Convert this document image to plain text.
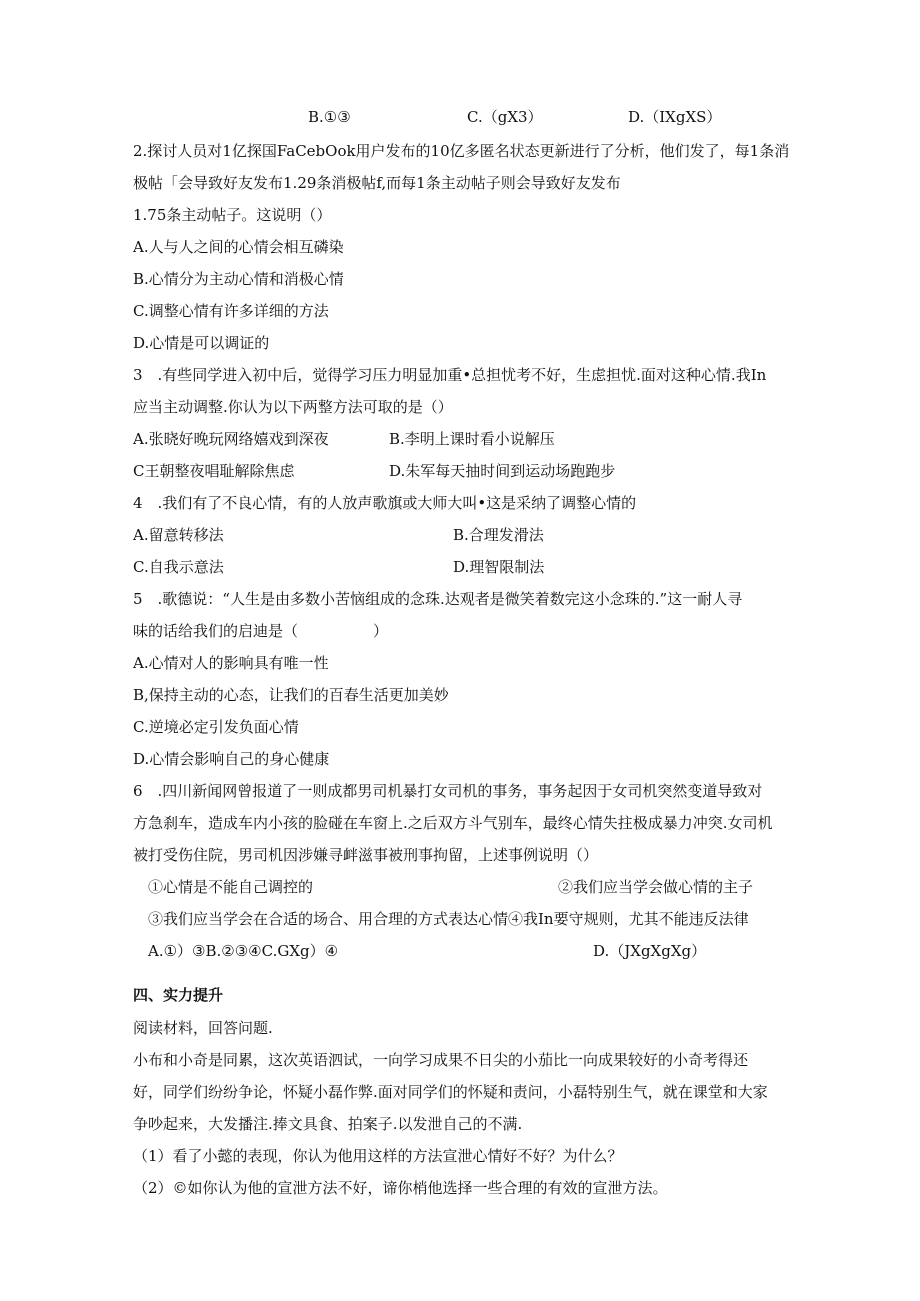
B.①③	C.（gX3）	D.（IXgXS）
2.探讨人员对1亿探国FaCebOok用户发布的10亿多匿名状态更新进行了分析，他们发了，每1条消
极帖「会导致好友发布1.29条消极帖f,而每1条主动帖子则会导致好友发布
1.75条主动帖子。这说明（）
A.人与人之间的心情会相互磷染
B.心情分为主动心情和消极心情
C.调整心情有许多详细的方法
D.心情是可以调证的
3　.有些同学进入初中后，觉得学习压力明显加重•总担忧考不好，生虑担忧.面对这种心情.我In
应当主动调整.你认为以下两整方法可取的是（）
A.张晓好晚玩网络嬉戏到深夜	B.李明上课时看小说解压
C王朝整夜唱耻解除焦虑	D.朱军每天抽时间到运动场跑跑步
4　.我们有了不良心情，有的人放声歌旗或大师大叫•这是采纳了调整心情的
A.留意转移法	B.合理发滑法
C.自我示意法	D.理智限制法
5　.歌德说：“人生是由多数小苦恼组成的念珠.达观者是微笑着数完这小念珠的.”这一耐人寻
味的话给我们的启迪是（　　　　　）
A.心情对人的影响具有唯一性
B,保持主动的心态，让我们的百春生活更加美妙
C.逆境必定引发负面心情
D.心情会影响自己的身心健康
6　.四川新闻网曾报道了一则成都男司机暴打女司机的事务，事务起因于女司机突然变道导致对
方急刹车，造成车内小孩的脸碰在车窗上.之后双方斗气别车，最终心情失拄极成暴力冲突.女司机
被打受伤住院，男司机因涉嫌寻衅滋事被刑事拘留，上述事例说明（）
①心情是不能自己调控的	②我们应当学会做心情的主子
③我们应当学会在合适的场合、用合理的方式表达心情④我In要守规则，尤其不能违反法律
A.①）③B.②③④C.GXg）④	D.（JXgXgXg）
四、实力提升
阅读材料，回答问题.
小布和小奇是同累，这次英语泗试，一向学习成果不日尖的小茄比一向成果较好的小奇考得还
好，同学们纷纷争论，怀疑小磊作弊.面对同学们的怀疑和责问，小磊特别生气，就在课堂和大家
争吵起来，大发播注.捧文具食、拍案子.以发泄自己的不满.
（1）看了小懿的表现，你认为他用这样的方法宣泄心情好不好？为什么？
（2）©如你认为他的宣泄方法不好，谛你梢他选择一些合理的有效的宣泄方法。
